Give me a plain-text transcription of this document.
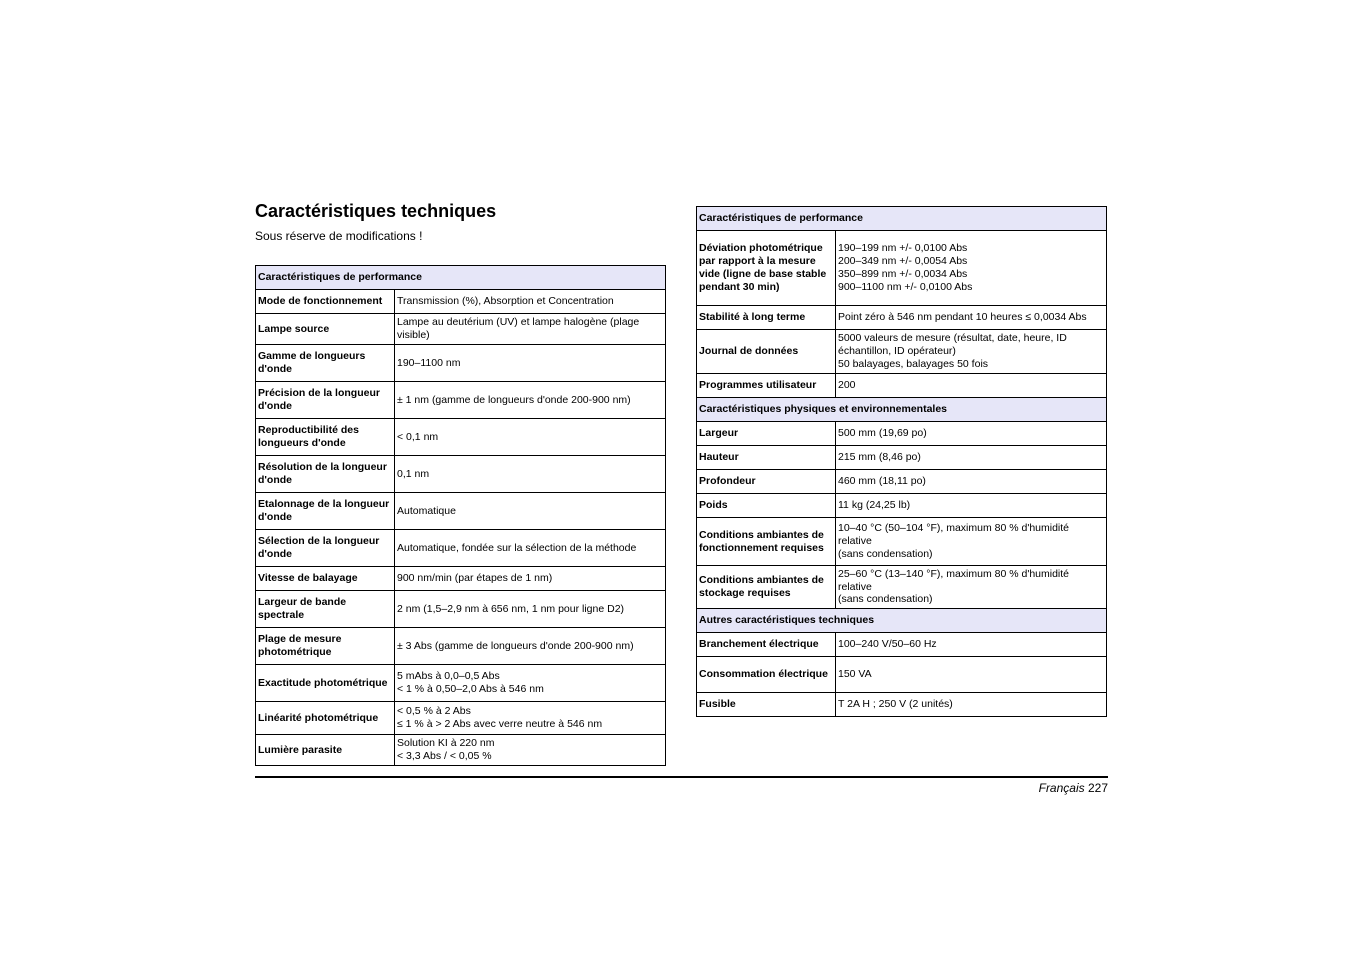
Caractéristiques techniques

Sous réserve de modifications !

Caractéristiques de performance	
Mode de fonctionnement	Transmission (%), Absorption et Concentration

Lampe source	Lampe au deutérium (UV) et lampe halogène (plage visible)

Gamme de longueurs d'onde	190–1100 nm

Précision de la longueur d'onde	± 1 nm (gamme de longueurs d'onde 200-900 nm)

Reproductibilité des longueurs d'onde	< 0,1 nm

Résolution de la longueur d'onde	0,1 nm

Etalonnage de la longueur d'onde	Automatique

Sélection de la longueur d'onde	Automatique, fondée sur la sélection de la méthode

Vitesse de balayage	900 nm/min (par étapes de 1 nm)

Largeur de bande spectrale	2 nm (1,5–2,9 nm à 656 nm, 1 nm pour ligne D2)

Plage de mesure photométrique	± 3 Abs (gamme de longueurs d'onde 200-900 nm)

Exactitude photométrique	5 mAbs à 0,0–0,5 Abs
< 1 % à 0,50–2,0 Abs à 546 nm

Linéarité photométrique	< 0,5 % à 2 Abs
≤ 1 % à > 2 Abs avec verre neutre à 546 nm

Lumière parasite	Solution KI à 220 nm
< 3,3 Abs / < 0,05 %
Caractéristiques de performance	
Déviation photométrique par rapport à la mesure vide (ligne de base stable pendant 30 min)	190–199 nm +/- 0,0100 Abs
200–349 nm +/- 0,0054 Abs
350–899 nm +/- 0,0034 Abs
900–1100 nm +/- 0,0100 Abs

Stabilité à long terme	Point zéro à 546 nm pendant 10 heures ≤ 0,0034 Abs

Journal de données	5000 valeurs de mesure (résultat, date, heure, ID échantillon, ID opérateur)
50 balayages, balayages 50 fois

Programmes utilisateur	200

Caractéristiques physiques et environnementales	
Largeur	500 mm (19,69 po)

Hauteur	215 mm (8,46 po)

Profondeur	460 mm (18,11 po)

Poids	11 kg (24,25 lb)

Conditions ambiantes de fonctionnement requises	10–40 °C (50–104 °F), maximum 80 % d'humidité relative
(sans condensation)

Conditions ambiantes de stockage requises	25–60 °C (13–140 °F), maximum 80 % d'humidité relative
(sans condensation)

Autres caractéristiques techniques	
Branchement électrique	100–240 V/50–60 Hz

Consommation électrique	150 VA

Fusible	T 2A H ; 250 V (2 unités)
Français 227
